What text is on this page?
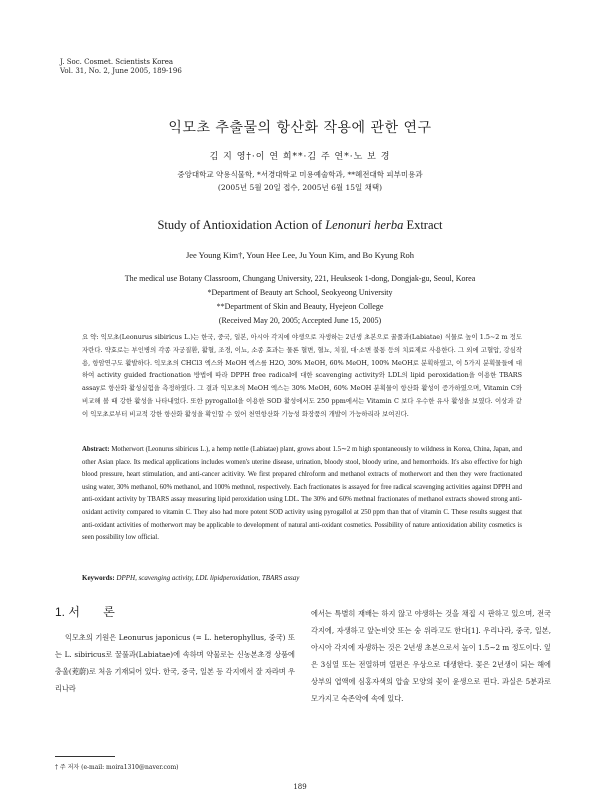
J. Soc. Cosmet. Scientists Korea
Vol. 31, No. 2, June 2005, 189-196
익모초 추출물의 항산화 작용에 관한 연구
김 지 영†·이 연 희**·김 주 연*·노 보 경
중앙대학교 약용식물학, *서경대학교 미용예술학과, **혜전대학 피부미용과
(2005년 5월 20일 접수, 2005년 6월 15일 채택)
Study of Antioxidation Action of Lenonuri herba Extract
Jee Young Kim†, Youn Hee Lee, Ju Youn Kim, and Bo Kyung Roh
The medical use Botany Classroom, Chungang University, 221, Heukseok 1-dong, Dongjak-gu, Seoul, Korea
*Department of Beauty art School, Seokyeong University
**Department of Skin and Beauty, Hyejeon College
(Received May 20, 2005; Accepted June 15, 2005)
요 약: 익모초(Leonurus sibiricus L.)는 한국, 중국, 일본, 아시아 각지에 야생으로 자생하는 2년생 초본으로 꿀풀과(Labiatae) 식물로 높이 1.5∼2 m 정도 자란다. 약효로는 부인병의 각종 자궁질환, 활혈, 조경, 이뇨, 소종 효과는 물론 혈변, 혈뇨, 치질, 대·소변 불통 등의 치료제로 사용한다. 그 외에 고혈압, 강심작용, 항암연구도 활발하다. 익모초의 CHCl3 엑스와 MeOH 엑스를 H2O, 30% MeOH, 60% MeOH, 100% MeOH로 분획하였고, 이 5가지 분획물들에 대하여 activity guided fractionation 방법에 따라 DPPH free radical에 대한 scavenging activity와 LDL의 lipid peroxidation을 이용한 TBARS assay로 항산화 활성실험을 측정하였다. 그 결과 익모초의 MeOH 엑스는 30% MeOH, 60% MeOH 분획물이 항산화 활성이 증가하였으며, Vitamin C와 비교해 볼 때 강한 활성을 나타내었다. 또한 pyrogallol을 이용한 SOD 활성에서도 250 ppm에서는 Vitamin C 보다 우수한 유사 활성을 보였다. 이상과 같이 익모초로부터 비교적 강한 항산화 활성을 확인할 수 있어 천연항산화 기능성 화장품의 개발이 가능하리라 보여진다.
Abstract: Motherwort (Leonurus sibiricus L.), a hemp nettle (Labiatae) plant, grows about 1.5∼2 m high spontaneously to wildness in Korea, China, Japan, and other Asian place. Its medical applications includes women's uterine disease, urination, bloody stool, bloody urine, and hemorrhoids. It's also effective for high blood pressure, heart stimulation, and anti-cancer acitivity. We first prepared chlroform and methanol extracts of motherwort and then they were fractionated using water, 30% methanol, 60% methanol, and 100% methnol, respectively. Each fractionates is assayed for free radical scavenging activities against DPPH and anti-oxidant activity by TBARS assay measuring lipid peroxidation using LDL. The 30% and 60% methnal fractionates of methanol extracts showed strong anti-oxidant activity compared to vitamin C. They also had more potent SOD activity using pyrogallol at 250 ppm than that of vitamin C. These results suggest that anti-oxidant activities of motherwort may be applicable to development of natural anti-oxidant cosmetics. Possibility of nature antioxidation ability cosmetics is seen possibility low official.
Keywords: DPPH, scavenging activity, LDL lipidperoxidation, TBARS assay
1. 서 론
익모초의 기원은 Leonurus japonicus (= L. heterophyllus, 중국) 또는 L. sibiricus로 꿀풀과(Labiatae)에 속하며 약물로는 신농본초경 상품에 충울(茺蔚)로 처음 기재되어 있다. 한국, 중국, 일본 등 각지에서 잘 자라며 우리나라
에서는 특별히 재배는 하지 않고 야생하는 것을 채집 시 판하고 있으며, 전국 각지에, 자생하고 앞논비얏 또는 숭 위라고도 한다[1]. 우리나라, 중국, 일본, 아시아 각지에 자생하는 것은 2년생 초본으로서 높이 1.5∼2 m 정도이다. 잎은 3심열 또는 전열하며 열편은 우상으로 대생한다. 꽃은 2년생이 되는 해에 상부의 엽액에 심홍자색의 압술 모양의 꽃이 윤생으로 핀다. 과실은 5분과로 모가지고 숙존악에 속에 있다.
† 주 저자 (e-mail: moira1310@naver.com)
189
